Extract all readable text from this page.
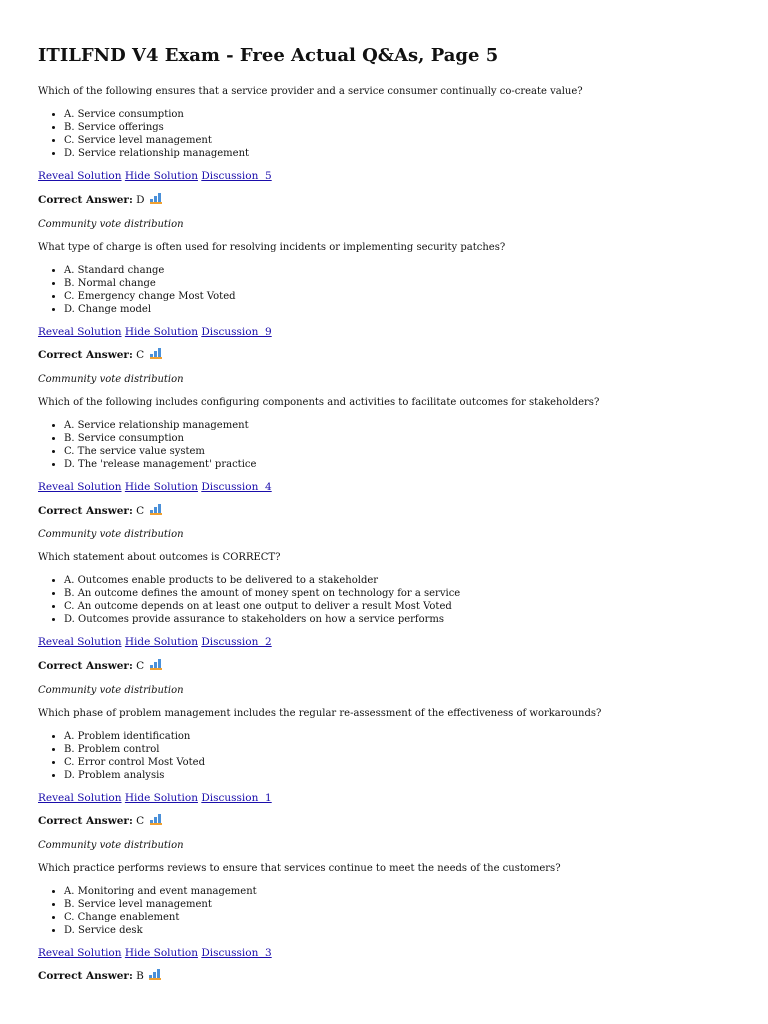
ITILFND V4 Exam - Free Actual Q&As, Page 5

Which of the following ensures that a service provider and a service consumer continually co-create value?

• A. Service consumption
• B. Service offerings
• C. Service level management
• D. Service relationship management
Reveal Solution Hide Solution Discussion  5

Correct Answer: D

Community vote distribution

What type of charge is often used for resolving incidents or implementing security patches?

• A. Standard change
• B. Normal change
• C. Emergency change Most Voted
• D. Change model
Reveal Solution Hide Solution Discussion  9

Correct Answer: C

Community vote distribution

Which of the following includes configuring components and activities to facilitate outcomes for stakeholders?

• A. Service relationship management
• B. Service consumption
• C. The service value system
• D. The 'release management' practice
Reveal Solution Hide Solution Discussion  4

Correct Answer: C

Community vote distribution

Which statement about outcomes is CORRECT?

• A. Outcomes enable products to be delivered to a stakeholder
• B. An outcome defines the amount of money spent on technology for a service
• C. An outcome depends on at least one output to deliver a result Most Voted
• D. Outcomes provide assurance to stakeholders on how a service performs
Reveal Solution Hide Solution Discussion  2

Correct Answer: C

Community vote distribution

Which phase of problem management includes the regular re-assessment of the effectiveness of workarounds?

• A. Problem identification
• B. Problem control
• C. Error control Most Voted
• D. Problem analysis
Reveal Solution Hide Solution Discussion  1

Correct Answer: C

Community vote distribution

Which practice performs reviews to ensure that services continue to meet the needs of the customers?

• A. Monitoring and event management
• B. Service level management
• C. Change enablement
• D. Service desk
Reveal Solution Hide Solution Discussion  3

Correct Answer: B
